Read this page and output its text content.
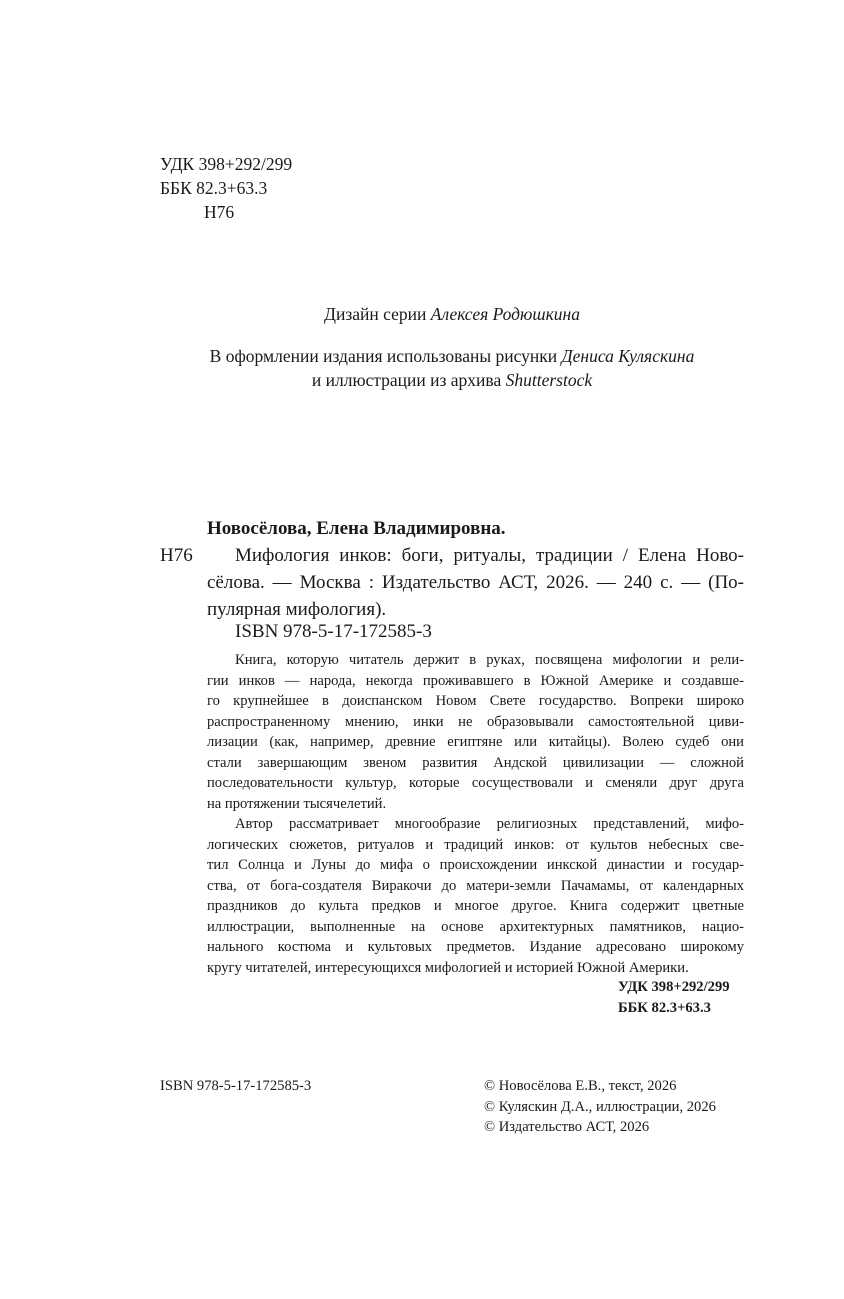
УДК 398+292/299
ББК 82.3+63.3
Н76
Дизайн серии Алексея Родюшкина
В оформлении издания использованы рисунки Дениса Куляскина
и иллюстрации из архива Shutterstock
Новосёлова, Елена Владимировна.
Н76	Мифология инков: боги, ритуалы, традиции / Елена Ново-
сёлова. — Москва : Издательство АСТ, 2026. — 240 с. — (По-
пулярная мифология).
ISBN 978-5-17-172585-3
Книга, которую читатель держит в руках, посвящена мифологии и рели-
гии инков — народа, некогда проживавшего в Южной Америке и создавше-
го крупнейшее в доиспанском Новом Свете государство. Вопреки широко
распространенному мнению, инки не образовывали самостоятельной циви-
лизации (как, например, древние египтяне или китайцы). Волею судеб они
стали завершающим звеном развития Андской цивилизации — сложной
последовательности культур, которые сосуществовали и сменяли друг друга
на протяжении тысячелетий.
Автор рассматривает многообразие религиозных представлений, мифо-
логических сюжетов, ритуалов и традиций инков: от культов небесных све-
тил Солнца и Луны до мифа о происхождении инкской династии и государ-
ства, от бога-создателя Виракочи до матери-земли Пачамамы, от календарных
праздников до культа предков и многое другое. Книга содержит цветные
иллюстрации, выполненные на основе архитектурных памятников, нацио-
нального костюма и культовых предметов. Издание адресовано широкому
кругу читателей, интересующихся мифологией и историей Южной Америки.
УДК 398+292/299
ББК 82.3+63.3
ISBN 978-5-17-172585-3	© Новосёлова Е.В., текст, 2026
© Куляскин Д.А., иллюстрации, 2026
© Издательство АСТ, 2026
